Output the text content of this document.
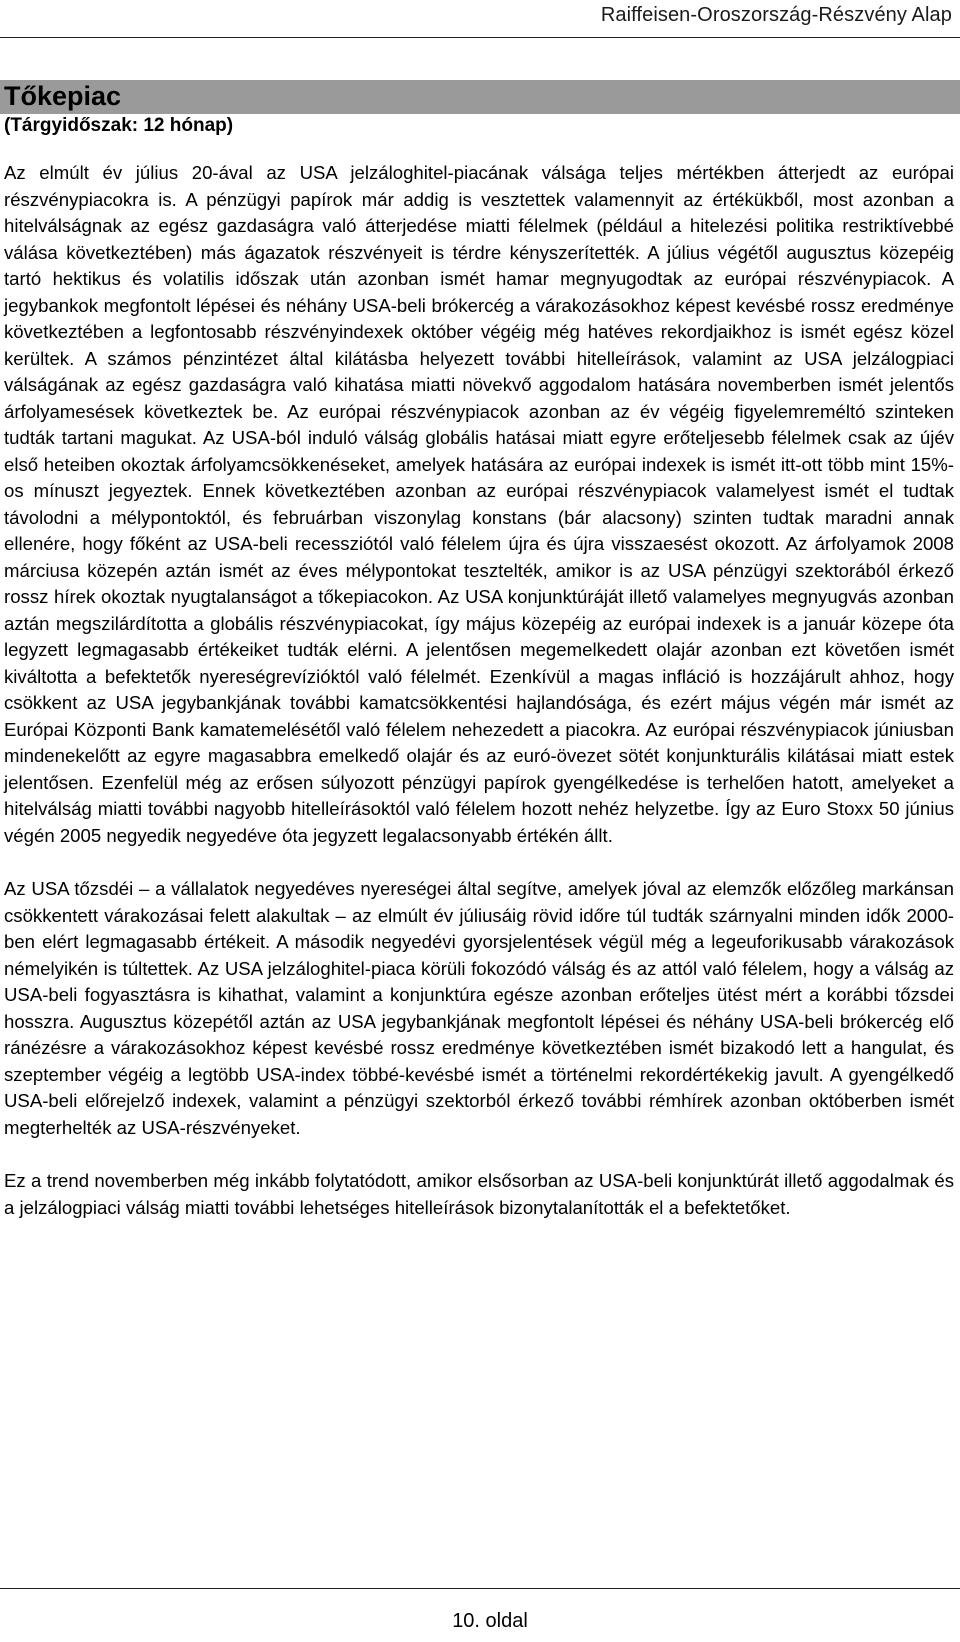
Raiffeisen-Oroszország-Részvény Alap
Tőkepiac
(Tárgyidőszak: 12 hónap)

Az elmúlt év július 20-ával az USA jelzáloghitel-piacának válsága teljes mértékben átterjedt az európai részvénypiacokra is. A pénzügyi papírok már addig is vesztettek valamennyit az értékükből, most azonban a hitelválságnak az egész gazdaságra való átterjedése miatti félelmek (például a hitelezési politika restriktívebbé válása következtében) más ágazatok részvényeit is térdre kényszerítették. A július végétől augusztus közepéig tartó hektikus és volatilis időszak után azonban ismét hamar megnyugodtak az európai részvénypiacok. A jegybankok megfontolt lépései és néhány USA-beli brókercég a várakozásokhoz képest kevésbé rossz eredménye következtében a legfontosabb részvényindexek október végéig még hatéves rekordjaikhoz is ismét egész közel kerültek. A számos pénzintézet által kilátásba helyezett további hitelleírások, valamint az USA jelzálogpiaci válságának az egész gazdaságra való kihatása miatti növekvő aggodalom hatására novemberben ismét jelentős árfolyamesések következtek be. Az európai részvénypiacok azonban az év végéig figyelemreméltó szinteken tudták tartani magukat. Az USA-ból induló válság globális hatásai miatt egyre erőteljesebb félelmek csak az újév első heteiben okoztak árfolyamcsökkenéseket, amelyek hatására az európai indexek is ismét itt-ott több mint 15%-os mínuszt jegyeztek. Ennek következtében azonban az európai részvénypiacok valamelyest ismét el tudtak távolodni a mélypontoktól, és februárban viszonylag konstans (bár alacsony) szinten tudtak maradni annak ellenére, hogy főként az USA-beli recessziótól való félelem újra és újra visszaesést okozott. Az árfolyamok 2008 márciusa közepén aztán ismét az éves mélypontokat tesztelték, amikor is az USA pénzügyi szektorából érkező rossz hírek okoztak nyugtalanságot a tőkepiacokon. Az USA konjunktúráját illető valamelyes megnyugvás azonban aztán megszilárdította a globális részvénypiacokat, így május közepéig az európai indexek is a január közepe óta legyzett legmagasabb értékeiket tudták elérni. A jelentősen megemelkedett olajár azonban ezt követően ismét kiváltotta a befektetők nyereségrevízióktól való félelmét. Ezenkívül a magas infláció is hozzájárult ahhoz, hogy csökkent az USA jegybankjának további kamatcsökkentési hajlandósága, és ezért május végén már ismét az Európai Központi Bank kamatemelésétől való félelem nehezedett a piacokra. Az európai részvénypiacok júniusban mindenekelőtt az egyre magasabbra emelkedő olajár és az euró-övezet sötét konjunkturális kilátásai miatt estek jelentősen. Ezenfelül még az erősen súlyozott pénzügyi papírok gyengélkedése is terhelően hatott, amelyeket a hitelválság miatti további nagyobb hitelleírásoktól való félelem hozott nehéz helyzetbe. Így az Euro Stoxx 50 június végén 2005 negyedik negyedéve óta jegyzett legalacsonyabb értékén állt.

Az USA tőzsdéi – a vállalatok negyedéves nyereségei által segítve, amelyek jóval az elemzők előzőleg markánsan csökkentett várakozásai felett alakultak – az elmúlt év júliusáig rövid időre túl tudták szárnyalni minden idők 2000-ben elért legmagasabb értékeit. A második negyedévi gyorsjelentések végül még a legeuforikusabb várakozások némelyikén is túltettek. Az USA jelzáloghitel-piaca körüli fokozódó válság és az attól való félelem, hogy a válság az USA-beli fogyasztásra is kihathat, valamint a konjunktúra egésze azonban erőteljes ütést mért a korábbi tőzsdei hosszra. Augusztus közepétől aztán az USA jegybankjának megfontolt lépései és néhány USA-beli brókercég elő ránézésre a várakozásokhoz képest kevésbé rossz eredménye következtében ismét bizakodó lett a hangulat, és szeptember végéig a legtöbb USA-index többé-kevésbé ismét a történelmi rekordértékekig javult. A gyengélkedő USA-beli előrejelző indexek, valamint a pénzügyi szektorból érkező további rémhírek azonban októberben ismét megterhelték az USA-részvényeket.

Ez a trend novemberben még inkább folytatódott, amikor elsősorban az USA-beli konjunktúrát illető aggodalmak és a jelzálogpiaci válság miatti további lehetséges hitelleírások bizonytalanították el a befektetőket.

10. oldal
